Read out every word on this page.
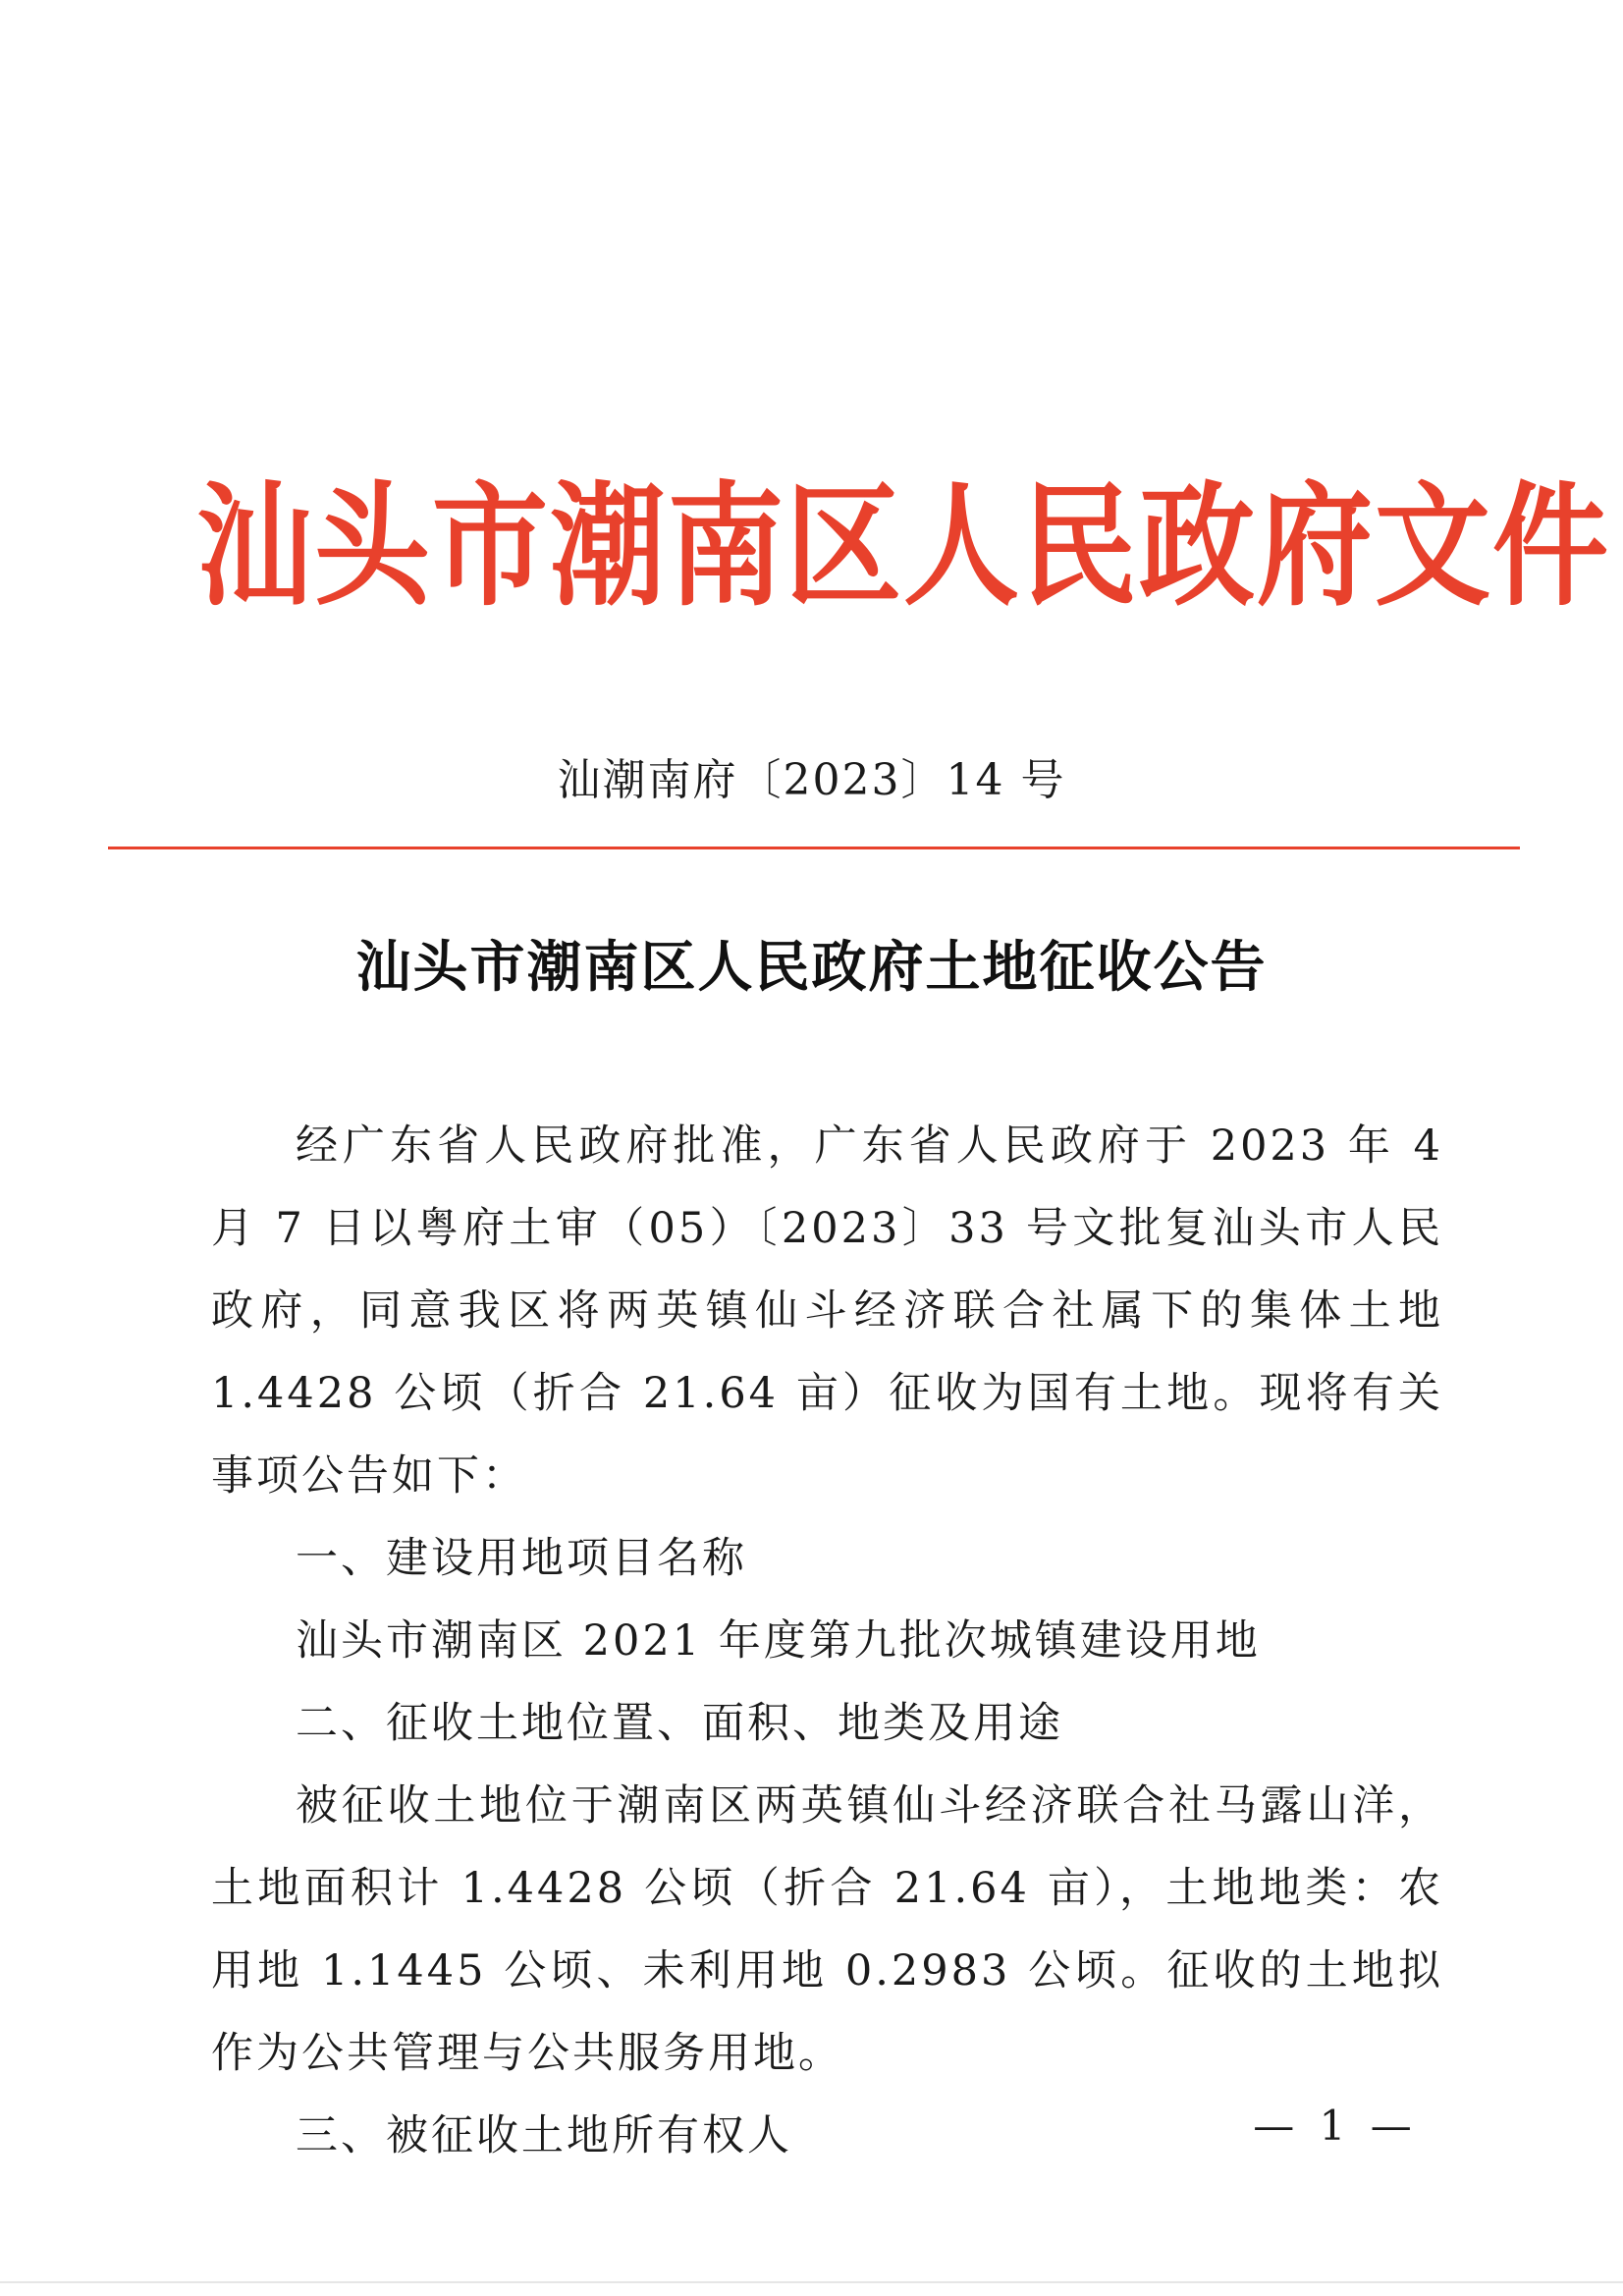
汕头市潮南区人民政府文件
汕潮南府〔2023〕14 号
汕头市潮南区人民政府土地征收公告

经广东省人民政府批准，广东省人民政府于 2023 年 4 月 7 日以粤府土审（05）〔2023〕33 号文批复汕头市人民政府，同意我区将两英镇仙斗经济联合社属下的集体土地 1.4428 公顷（折合 21.64 亩）征收为国有土地。现将有关事项公告如下：

一、建设用地项目名称

汕头市潮南区 2021 年度第九批次城镇建设用地

二、征收土地位置、面积、地类及用途

被征收土地位于潮南区两英镇仙斗经济联合社马露山洋，土地面积计 1.4428 公顷（折合 21.64 亩），土地地类：农用地 1.1445 公顷、未利用地 0.2983 公顷。征收的土地拟作为公共管理与公共服务用地。

三、被征收土地所有权人	— 1 —
